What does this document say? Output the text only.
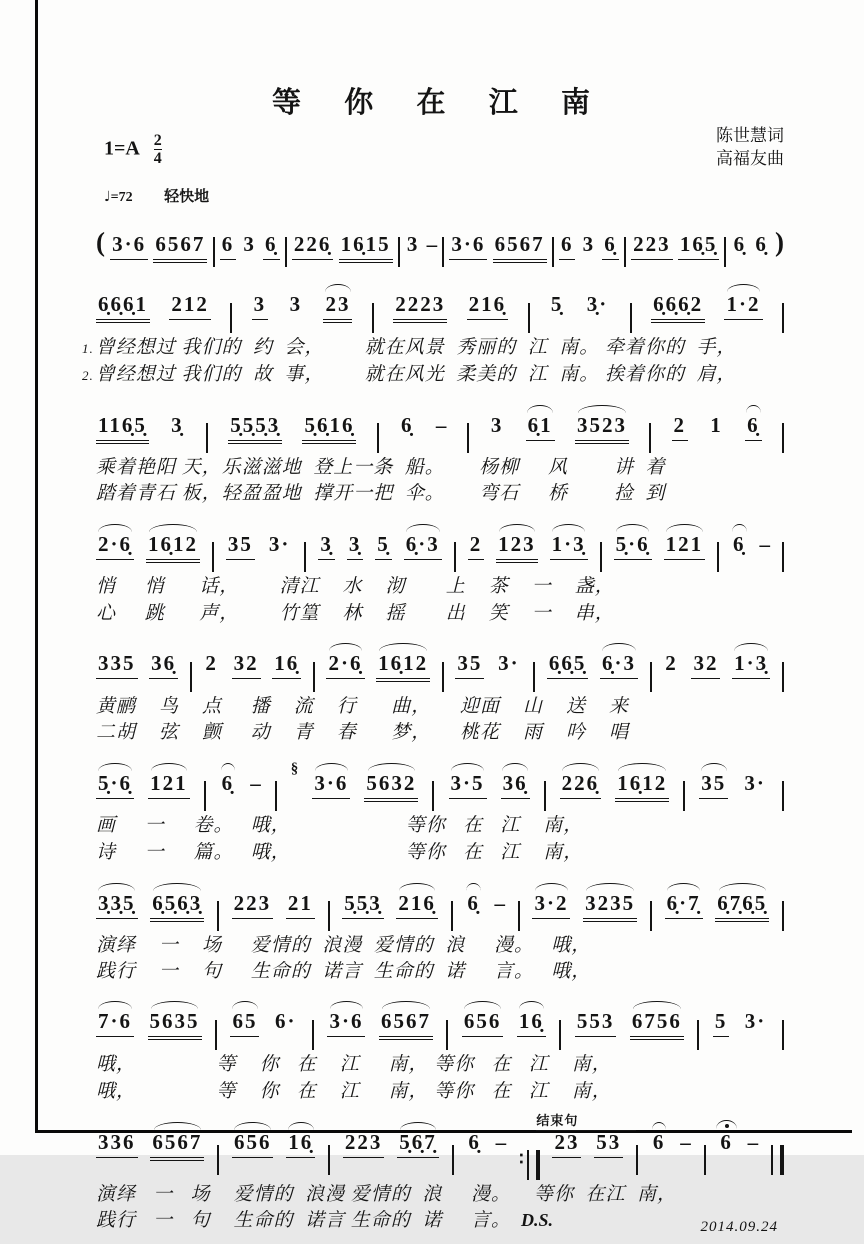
等 你 在 江 南
$1=A \frac{2}{4}$	陈世慧词
高福友曲
♩=72 轻快地
( 3·6 6567 6 3 6̣ 226̣ 16̣15 3 – 3·6 6567 6 3 6̣ 223 16̣5̣ 6̣ 6̣ )
6̣6̣6̣1 212 3 3 23 2223 216̣ 5̣ 3̣· 6̣6̣6̣2 1·2
1. 曾经想过 我们的  约  会，       就在风景  秀丽的  江  南。 牵着你的  手，
2. 曾经想过 我们的  故  事，       就在风光  柔美的  江  南。 挨着你的  肩，
116̣5̣ 3̣ 5̣5̣5̣3̣ 5̣6̣16̣ 6̣ – 3 6̣1 3523 2 1 6̣
乘着艳阳 天，乐滋滋地  登上一条  船。      杨柳     风        讲  着
踏着青石 板，轻盈盈地  撑开一把  伞。      弯石     桥        捡  到
2·6̣ 16̣12 35 3· 3̣ 3̣ 5̣ 6̣·3 2 123 1·3̣ 5̣·6̣ 121 6̣ –
悄     悄      话，       清江    水    沏       上    茶    一    盏，
心     跳      声，       竹篁    林    摇       出    笑    一    串，
335 36̣ 2 32 16̣ 2·6̣ 16̣12 35 3· 6̣6̣5̣ 6̣·3 2 32 1·3̣
黄鹂    鸟    点     播    流    行      曲，     迎面    山    送    来
二胡    弦    颤     动    青    春      梦，     桃花    雨    吟    唱
5̣·6̣ 121 6̣ –
§
3·6 5632 3·5 36̣ 226̣ 16̣12 35 3·
画     一     卷。   哦，                    等你   在   江    南，
诗     一     篇。   哦，                    等你   在   江    南，
3̣3̣5̣ 6̣5̣6̣3̣ 223 21 5̣5̣3̣ 216̣ 6̣ – 3·2 3235 6̣·7̣ 6̣7̣6̣5̣
演绎    一    场     爱情的  浪漫  爱情的  浪     漫。   哦，
践行    一    句     生命的  诺言  生命的  诺     言。   哦，
7·6 5635 65 6· 3·6 6567 656 16̣ 553 6756 5 3·
哦，              等    你   在    江     南， 等你   在   江    南，
哦，              等    你   在    江     南， 等你   在   江    南，
结束句
336 6567 656 16̣ 223 5̣6̣7̣ 6̣ –
∶
23 53 6 – 6 –
演绎   一   场    爱情的  浪漫 爱情的  浪     漫。    等你  在江  南，
践行   一   句    生命的  诺言 生命的  诺     言。 D.S.	2014.09.24
